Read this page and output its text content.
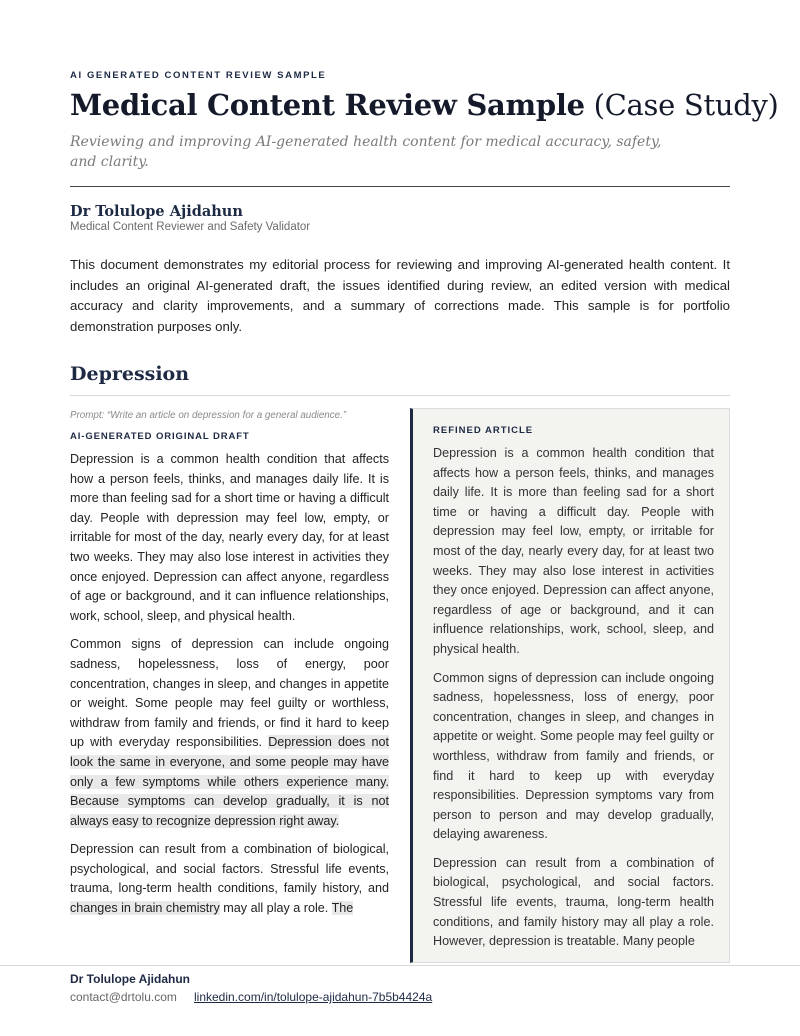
AI GENERATED CONTENT REVIEW SAMPLE
Medical Content Review Sample (Case Study)
Reviewing and improving AI-generated health content for medical accuracy, safety, and clarity.
Dr Tolulope Ajidahun
Medical Content Reviewer and Safety Validator
This document demonstrates my editorial process for reviewing and improving AI-generated health content. It includes an original AI-generated draft, the issues identified during review, an edited version with medical accuracy and clarity improvements, and a summary of corrections made. This sample is for portfolio demonstration purposes only.
Depression
Prompt: “Write an article on depression for a general audience.”
AI-GENERATED ORIGINAL DRAFT

Depression is a common health condition that affects how a person feels, thinks, and manages daily life. It is more than feeling sad for a short time or having a difficult day. People with depression may feel low, empty, or irritable for most of the day, nearly every day, for at least two weeks. They may also lose interest in activities they once enjoyed. Depression can affect anyone, regardless of age or background, and it can influence relationships, work, school, sleep, and physical health.

Common signs of depression can include ongoing sadness, hopelessness, loss of energy, poor concentration, changes in sleep, and changes in appetite or weight. Some people may feel guilty or worthless, withdraw from family and friends, or find it hard to keep up with everyday responsibilities. Depression does not look the same in everyone, and some people may have only a few symptoms while others experience many. Because symptoms can develop gradually, it is not always easy to recognize depression right away.

Depression can result from a combination of biological, psychological, and social factors. Stressful life events, trauma, long-term health conditions, family history, and changes in brain chemistry may all play a role. The

REFINED ARTICLE

Depression is a common health condition that affects how a person feels, thinks, and manages daily life. It is more than feeling sad for a short time or having a difficult day. People with depression may feel low, empty, or irritable for most of the day, nearly every day, for at least two weeks. They may also lose interest in activities they once enjoyed. Depression can affect anyone, regardless of age or background, and it can influence relationships, work, school, sleep, and physical health.

Common signs of depression can include ongoing sadness, hopelessness, loss of energy, poor concentration, changes in sleep, and changes in appetite or weight. Some people may feel guilty or worthless, withdraw from family and friends, or find it hard to keep up with everyday responsibilities. Depression symptoms vary from person to person and may develop gradually, delaying awareness.

Depression can result from a combination of biological, psychological, and social factors. Stressful life events, trauma, long-term health conditions, and family history may all play a role. However, depression is treatable. Many people

Dr Tolulope Ajidahun
contact@drtolu.com linkedin.com/in/tolulope-ajidahun-7b5b4424a
